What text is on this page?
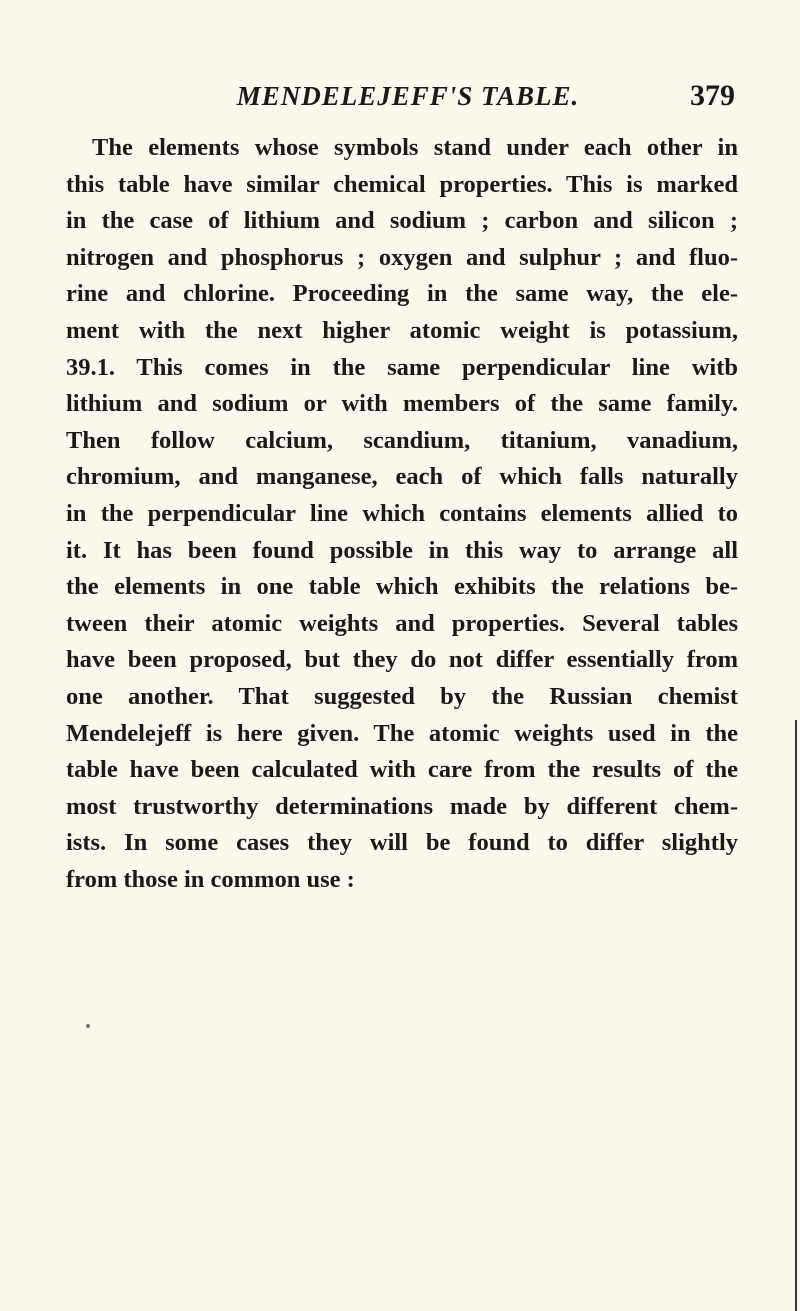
MENDELEJEFF'S TABLE.	379
The elements whose symbols stand under each other in
this table have similar chemical properties. This is marked
in the case of lithium and sodium ; carbon and silicon ;
nitrogen and phosphorus ; oxygen and sulphur ; and fluo-
rine and chlorine. Proceeding in the same way, the ele-
ment with the next higher atomic weight is potassium,
39.1. This comes in the same perpendicular line witb
lithium and sodium or with members of the same family.
Then follow calcium, scandium, titanium, vanadium,
chromium, and manganese, each of which falls naturally
in the perpendicular line which contains elements allied to
it. It has been found possible in this way to arrange all
the elements in one table which exhibits the relations be-
tween their atomic weights and properties. Several tables
have been proposed, but they do not differ essentially from
one another. That suggested by the Russian chemist
Mendelejeff is here given. The atomic weights used in the
table have been calculated with care from the results of the
most trustworthy determinations made by different chem-
ists. In some cases they will be found to differ slightly
from those in common use :
